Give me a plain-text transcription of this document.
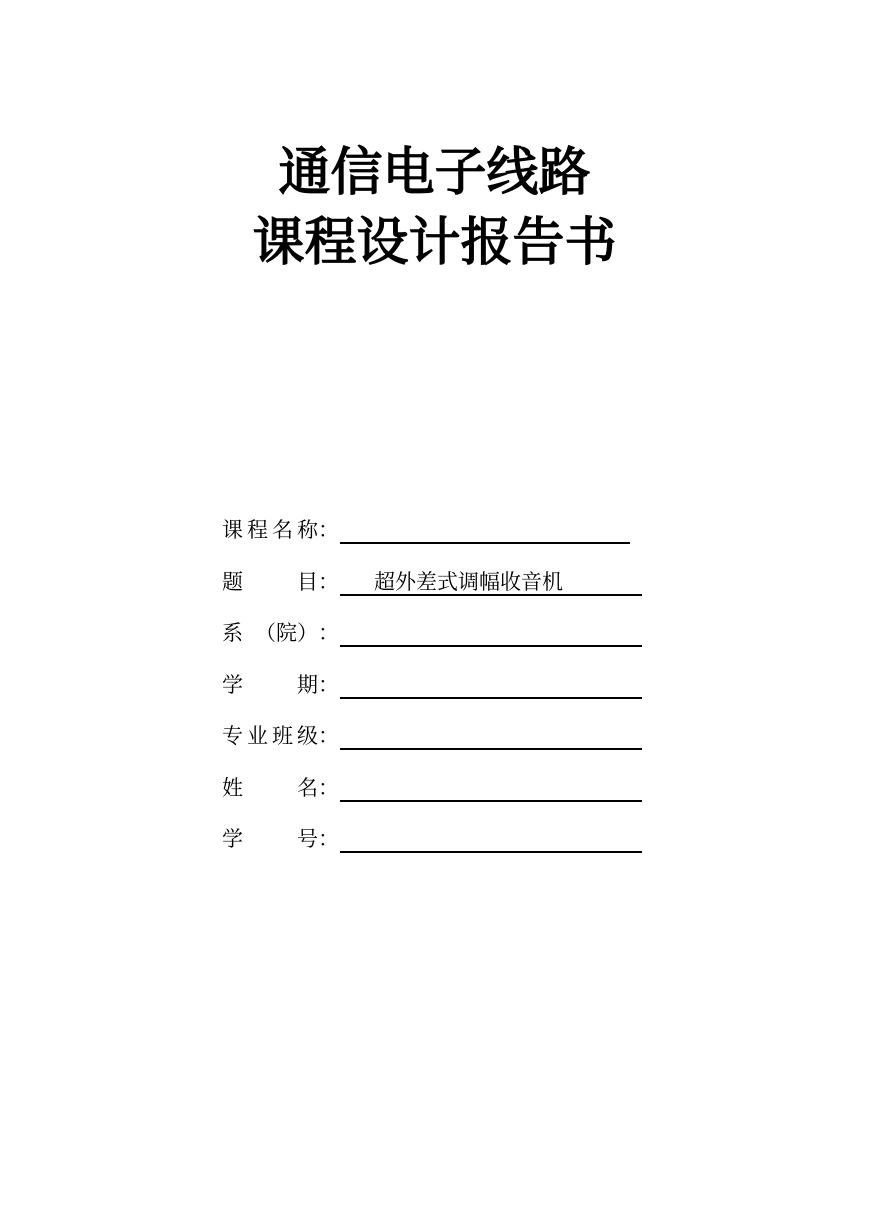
通信电子线路
课程设计报告书
课 程 名 称 ：
题	目 ： 超外差式调幅收音机
系 （院） ：
学	期 ：
专 业 班 级 ：
姓	名 ：
学	号 ：
